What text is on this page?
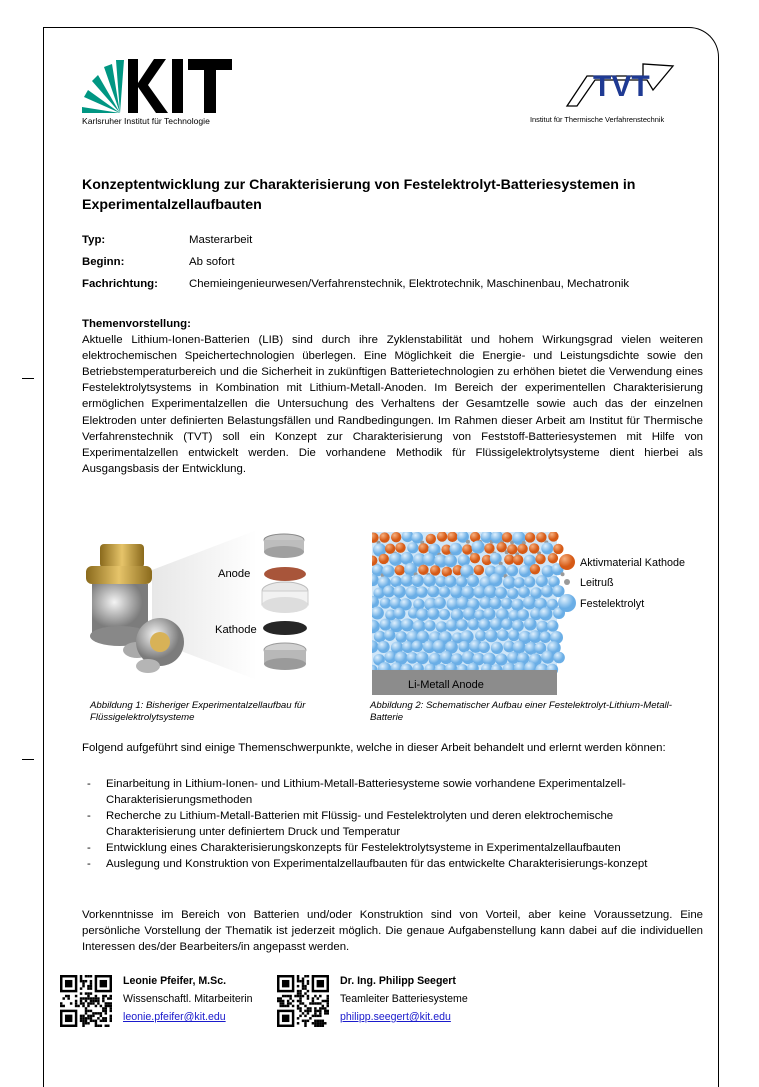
KIT
Karlsruher Institut für Technologie
TVT
Institut für Thermische Verfahrenstechnik
Konzeptentwicklung zur Charakterisierung von Festelektrolyt-Batteriesystemen in Experimentalzellaufbauten
Typ:	Masterarbeit
Beginn:	Ab sofort
Fachrichtung:	Chemieingenieurwesen/Verfahrenstechnik, Elektrotechnik, Maschinenbau, Mechatronik
Themenvorstellung:
Aktuelle Lithium-Ionen-Batterien (LIB) sind durch ihre Zyklenstabilität und hohem Wirkungsgrad vielen weiteren elektrochemischen Speichertechnologien überlegen. Eine Möglichkeit die Energie- und Leistungsdichte sowie den Betriebstemperaturbereich und die Sicherheit in zukünftigen Batterietechnologien zu erhöhen bietet die Verwendung eines Festelektrolytsystems in Kombination mit Lithium-Metall-Anoden. Im Bereich der experimentellen Charakterisierung ermöglichen Experimentalzellen die Untersuchung des Verhaltens der Gesamtzelle sowie auch das der einzelnen Elektroden unter definierten Belastungsfällen und Randbedingungen. Im Rahmen dieser Arbeit am Institut für Thermische Verfahrenstechnik (TVT) soll ein Konzept zur Charakterisierung von Feststoff-Batteriesystemen mit Hilfe von Experimentalzellen entwickelt werden. Die vorhandene Methodik für Flüssigelektrolytsysteme dient hierbei als Ausgangsbasis der Entwicklung.
Anode
Kathode
Abbildung 1: Bisheriger Experimentalzellaufbau für Flüssigelektrolytsysteme
Li-Metall Anode
Aktivmaterial Kathode
Leitruß
Festelektrolyt
Abbildung 2: Schematischer Aufbau einer Festelektrolyt-Lithium-Metall-Batterie
Folgend aufgeführt sind einige Themenschwerpunkte, welche in dieser Arbeit behandelt und erlernt werden können:
- Einarbeitung in Lithium-Ionen- und Lithium-Metall-Batteriesysteme sowie vorhandene Experimentalzell-Charakterisierungsmethoden
- Recherche zu Lithium-Metall-Batterien mit Flüssig- und Festelektrolyten und deren elektrochemische Charakterisierung unter definiertem Druck und Temperatur
- Entwicklung eines Charakterisierungskonzepts für Festelektrolytsysteme in Experimentalzellaufbauten
- Auslegung und Konstruktion von Experimentalzellaufbauten für das entwickelte Charakterisierungs-konzept
Vorkenntnisse im Bereich von Batterien und/oder Konstruktion sind von Vorteil, aber keine Voraussetzung. Eine persönliche Vorstellung der Thematik ist jederzeit möglich. Die genaue Aufgabenstellung kann dabei auf die individuellen Interessen des/der Bearbeiters/in angepasst werden.
Leonie Pfeifer, M.Sc.
Wissenschaftl. Mitarbeiterin
leonie.pfeifer@kit.edu
Dr. Ing. Philipp Seegert
Teamleiter Batteriesysteme
philipp.seegert@kit.edu
